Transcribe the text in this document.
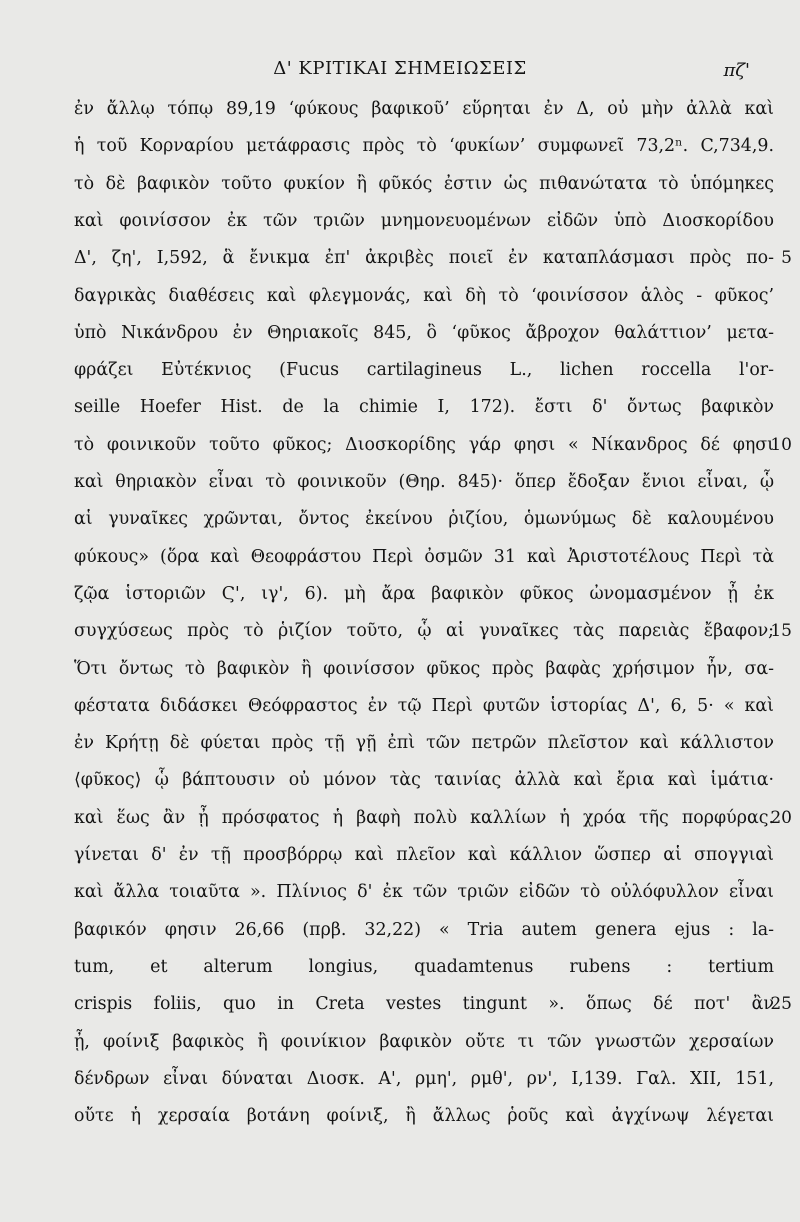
Δ' ΚΡΙΤΙΚΑΙ ΣΗΜΕΙΩΣΕΙΣ	πζ'
ἐν ἄλλῳ τόπῳ 89,19 ‘φύκους βαφικοῦ’ εὕρηται ἐν Δ, οὐ μὴν ἀλλὰ καὶ
ἡ τοῦ Κορναρίου μετάφρασις πρὸς τὸ ‘φυκίων’ συμφωνεῖ 73,2ⁿ. C,734,9.
τὸ δὲ βαφικὸν τοῦτο φυκίον ἢ φῦκός ἐστιν ὡς πιθανώτατα τὸ ὑπόμηκες
καὶ φοινίσσον ἐκ τῶν τριῶν μνημονευομένων εἰδῶν ὑπὸ Διοσκορίδου
Δ', ζη', I,592, ἃ ἔνικμα ἐπ' ἀκριβὲς ποιεῖ ἐν καταπλάσμασι πρὸς πο- 5
δαγρικὰς διαθέσεις καὶ φλεγμονάς, καὶ δὴ τὸ ‘φοινίσσον ἁλὸς - φῦκος’
ὑπὸ Νικάνδρου ἐν Θηριακοῖς 845, ὃ ‘φῦκος ἄβροχον θαλάττιον’ μετα-
φράζει Εὐτέκνιος (Fucus cartilagineus L., lichen roccella l'or-
seille Hoefer Hist. de la chimie I, 172). ἔστι δ' ὄντως βαφικὸν
τὸ φοινικοῦν τοῦτο φῦκος; Διοσκορίδης γάρ φησι « Νίκανδρος δέ φησι
10
καὶ θηριακὸν εἶναι τὸ φοινικοῦν (Θηρ. 845)· ὅπερ ἔδοξαν ἔνιοι εἶναι, ᾧ
αἱ γυναῖκες χρῶνται, ὄντος ἐκείνου ῥιζίου, ὁμωνύμως δὲ καλουμένου
φύκους» (ὅρα καὶ Θεοφράστου Περὶ ὀσμῶν 31 καὶ Ἀριστοτέλους Περὶ τὰ
ζῷα ἱστοριῶν Ϛ', ιγ', 6). μὴ ἄρα βαφικὸν φῦκος ὠνομασμένον ᾖ ἐκ
συγχύσεως πρὸς τὸ ῥιζίον τοῦτο, ᾧ αἱ γυναῖκες τὰς παρειὰς ἔβαφον;
15
Ὅτι ὄντως τὸ βαφικὸν ἢ φοινίσσον φῦκος πρὸς βαφὰς χρήσιμον ἦν, σα-
φέστατα διδάσκει Θεόφραστος ἐν τῷ Περὶ φυτῶν ἱστορίας Δ', 6, 5· « καὶ
ἐν Κρήτῃ δὲ φύεται πρὸς τῇ γῇ ἐπὶ τῶν πετρῶν πλεῖστον καὶ κάλλιστον
⟨φῦκος⟩ ᾧ βάπτουσιν οὐ μόνον τὰς ταινίας ἀλλὰ καὶ ἔρια καὶ ἱμάτια·
καὶ ἕως ἂν ᾖ πρόσφατος ἡ βαφὴ πολὺ καλλίων ἡ χρόα τῆς πορφύρας.
20
γίνεται δ' ἐν τῇ προσβόρρῳ καὶ πλεῖον καὶ κάλλιον ὥσπερ αἱ σπογγιαὶ
καὶ ἄλλα τοιαῦτα ». Πλίνιος δ' ἐκ τῶν τριῶν εἰδῶν τὸ οὐλόφυλλον εἶναι
βαφικόν φησιν 26,66 (πρβ. 32,22) « Tria autem genera ejus : la-
tum, et alterum longius, quadamtenus rubens : tertium
crispis foliis, quo in Creta vestes tingunt ». ὅπως δέ ποτ' ἂν
25
ᾖ, φοίνιξ βαφικὸς ἢ φοινίκιον βαφικὸν οὔτε τι τῶν γνωστῶν χερσαίων
δένδρων εἶναι δύναται Διοσκ. Α', ρμη', ρμθ', ρν', I,139. Γαλ. XII, 151,
οὔτε ἡ χερσαία βοτάνη φοίνιξ, ἢ ἄλλως ῥοῦς καὶ ἀγχίνωψ λέγεται
